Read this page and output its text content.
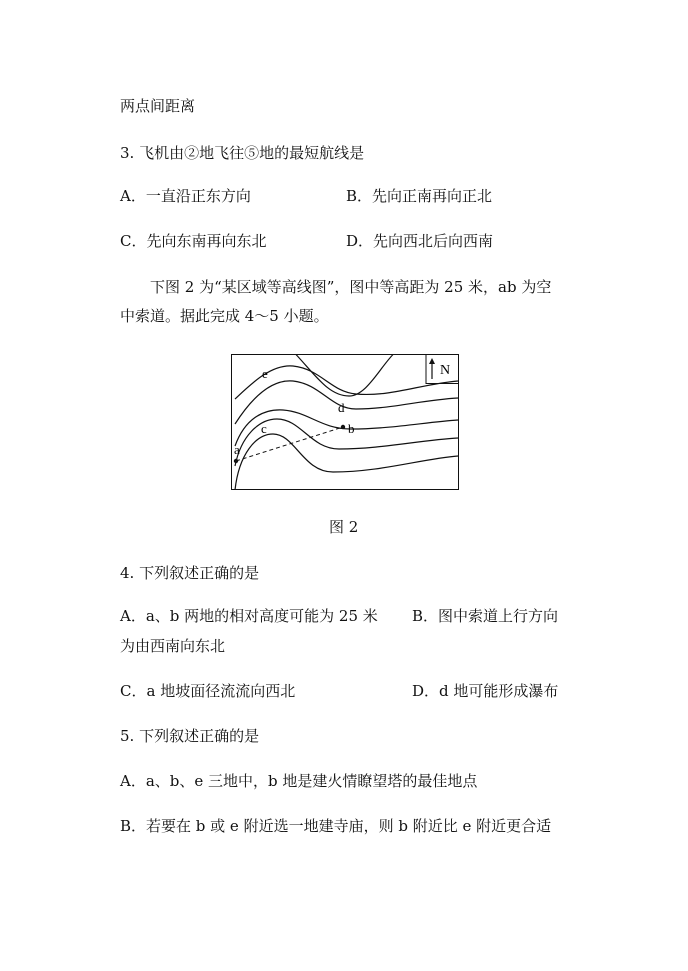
两点间距离
3. 飞机由②地飞往⑤地的最短航线是
A．一直沿正东方向	B．先向正南再向正北
C．先向东南再向东北	D．先向西北后向西南
下图 2 为“某区域等高线图”，图中等高距为 25 米，ab 为空
中索道。据此完成 4～5 小题。
N
a
b
c
d
e
图 2
4. 下列叙述正确的是
A．a、b 两地的相对高度可能为 25 米 B．图中索道上行方向
为由西南向东北
C．a 地坡面径流流向西北	D．d 地可能形成瀑布
5. 下列叙述正确的是
A．a、b、e 三地中，b 地是建火情瞭望塔的最佳地点
B．若要在 b 或 e 附近选一地建寺庙，则 b 附近比 e 附近更合适
